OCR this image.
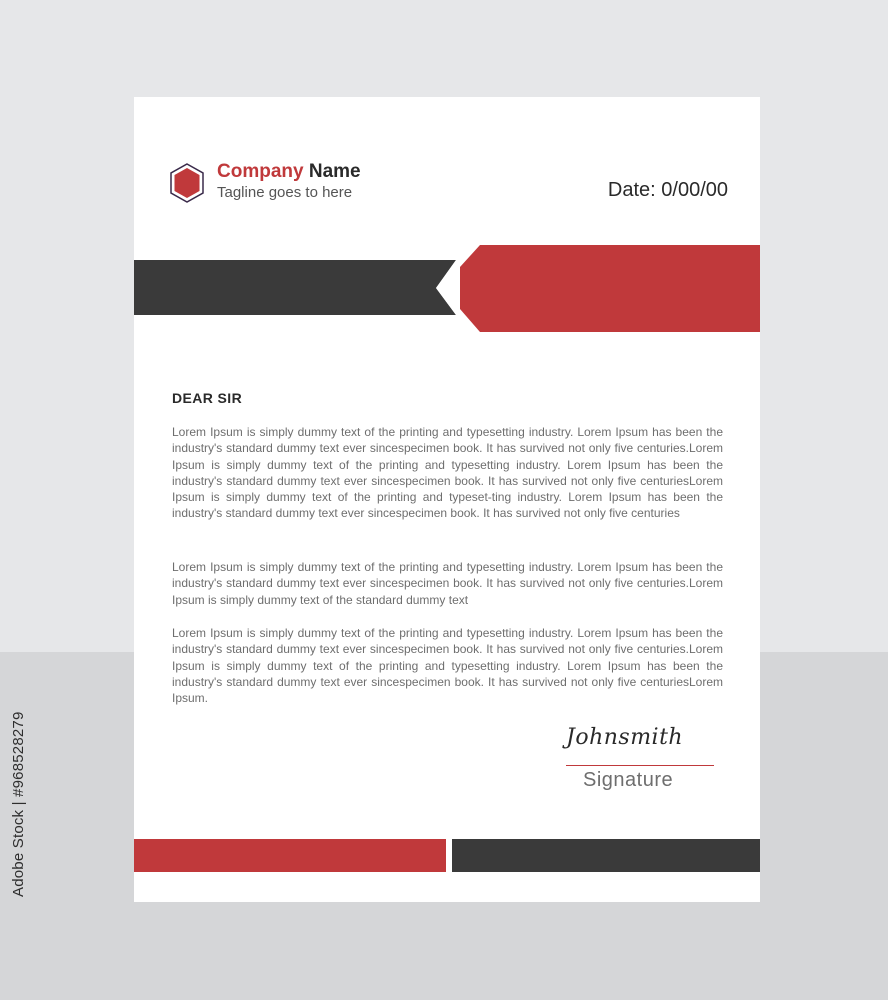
Adobe Stock | #968528279
Company Name
Tagline goes to here	Date: 0/00/00
DEAR SIR

Lorem Ipsum is simply dummy text of the printing and typesetting industry. Lorem Ipsum has been the industry's standard dummy text ever sincespecimen book. It has survived not only five centuries.Lorem Ipsum is simply dummy text of the printing and typesetting industry. Lorem Ipsum has been the industry's standard dummy text ever sincespecimen book. It has survived not only five centuriesLorem Ipsum is simply dummy text of the printing and typeset-ting industry. Lorem Ipsum has been the industry's standard dummy text ever sincespecimen book. It has survived not only five centuries

Lorem Ipsum is simply dummy text of the printing and typesetting industry. Lorem Ipsum has been the industry's standard dummy text ever sincespecimen book. It has survived not only five centuries.Lorem Ipsum is simply dummy text of the standard dummy text

Lorem Ipsum is simply dummy text of the printing and typesetting industry. Lorem Ipsum has been the industry's standard dummy text ever sincespecimen book. It has survived not only five centuries.Lorem Ipsum is simply dummy text of the printing and typesetting industry. Lorem Ipsum has been the industry's standard dummy text ever sincespecimen book. It has survived not only five centuriesLorem Ipsum.

Johnsmith
Signature
